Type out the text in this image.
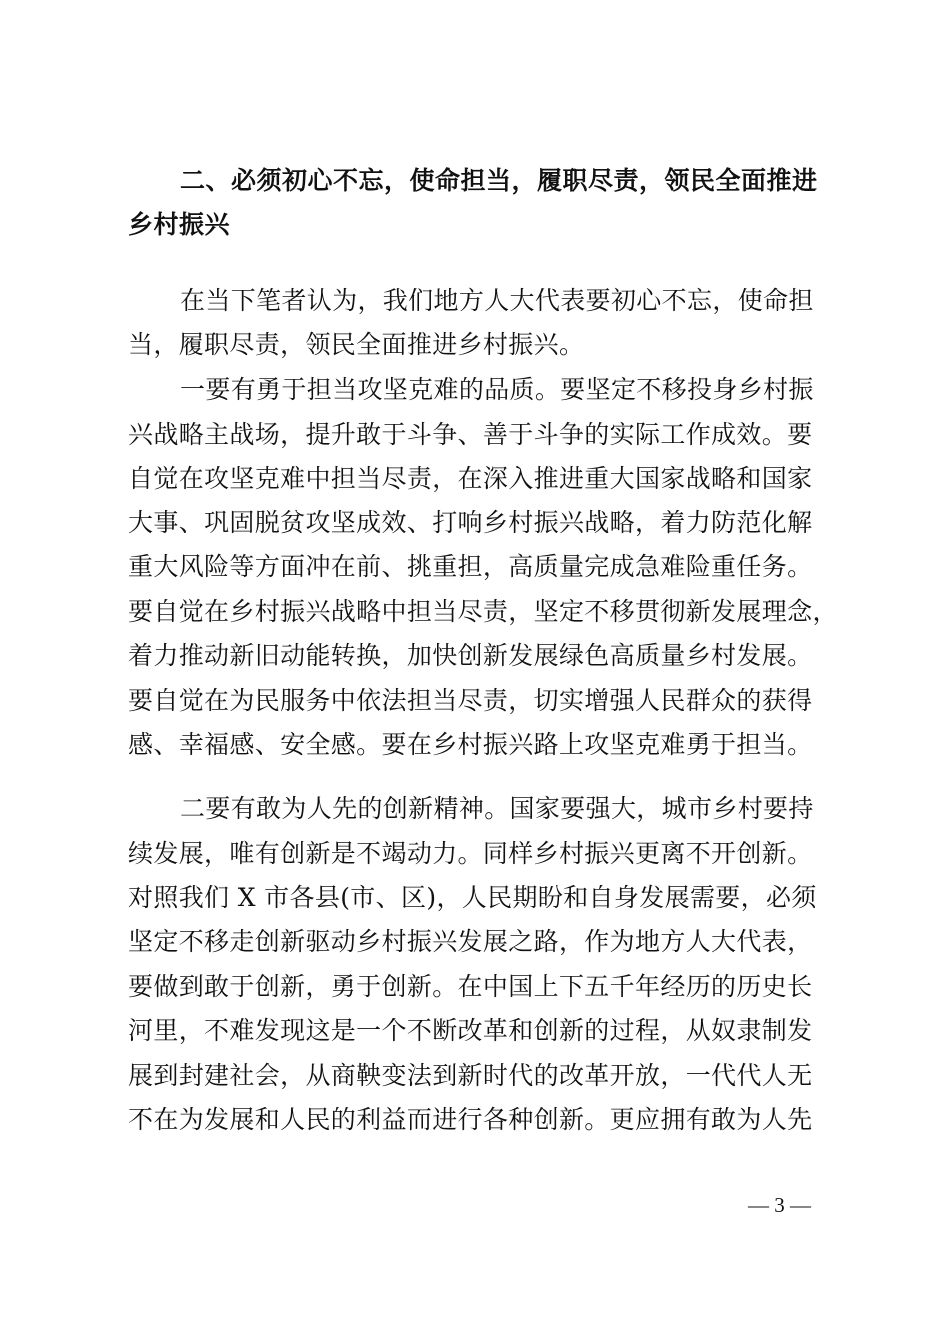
二、必须初心不忘，使命担当，履职尽责，领民全面推进
乡村振兴
在当下笔者认为，我们地方人大代表要初心不忘，使命担
当，履职尽责，领民全面推进乡村振兴。
一要有勇于担当攻坚克难的品质。要坚定不移投身乡村振
兴战略主战场，提升敢于斗争、善于斗争的实际工作成效。要
自觉在攻坚克难中担当尽责，在深入推进重大国家战略和国家
大事、巩固脱贫攻坚成效、打响乡村振兴战略，着力防范化解
重大风险等方面冲在前、挑重担，高质量完成急难险重任务。
要自觉在乡村振兴战略中担当尽责，坚定不移贯彻新发展理念，
着力推动新旧动能转换，加快创新发展绿色高质量乡村发展。
要自觉在为民服务中依法担当尽责，切实增强人民群众的获得
感、幸福感、安全感。要在乡村振兴路上攻坚克难勇于担当。
二要有敢为人先的创新精神。国家要强大，城市乡村要持
续发展，唯有创新是不竭动力。同样乡村振兴更离不开创新。
对照我们 X 市各县(市、区)，人民期盼和自身发展需要，必须
坚定不移走创新驱动乡村振兴发展之路，作为地方人大代表，
要做到敢于创新，勇于创新。在中国上下五千年经历的历史长
河里，不难发现这是一个不断改革和创新的过程，从奴隶制发
展到封建社会，从商鞅变法到新时代的改革开放，一代代人无
不在为发展和人民的利益而进行各种创新。更应拥有敢为人先
— 3 —
